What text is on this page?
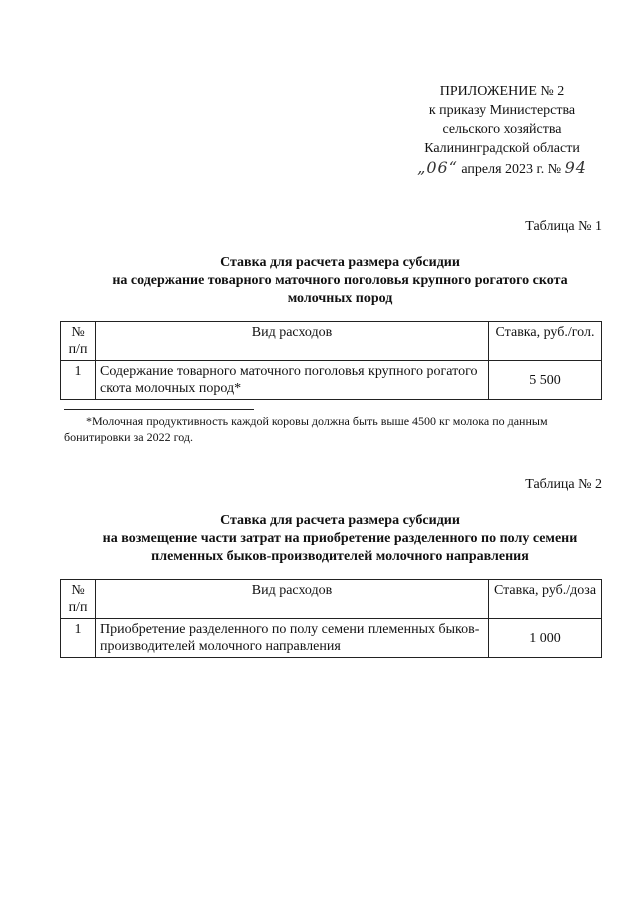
ПРИЛОЖЕНИЕ № 2
к приказу Министерства
сельского хозяйства
Калининградской области
„06“ апреля 2023 г. № 94
Таблица № 1
Ставка для расчета размера субсидии
на содержание товарного маточного поголовья крупного рогатого скота
молочных пород
№ п/п	Вид расходов	Ставка, руб./гол.
1	Содержание товарного маточного поголовья крупного рогатого скота молочных пород*	5 500
*Молочная продуктивность каждой коровы должна быть выше 4500 кг молока по данным бонитировки за 2022 год.
Таблица № 2
Ставка для расчета размера субсидии
на возмещение части затрат на приобретение разделенного по полу семени
племенных быков-производителей молочного направления
№ п/п	Вид расходов	Ставка, руб./доза
1	Приобретение разделенного по полу семени племенных быков-производителей молочного направления	1 000
